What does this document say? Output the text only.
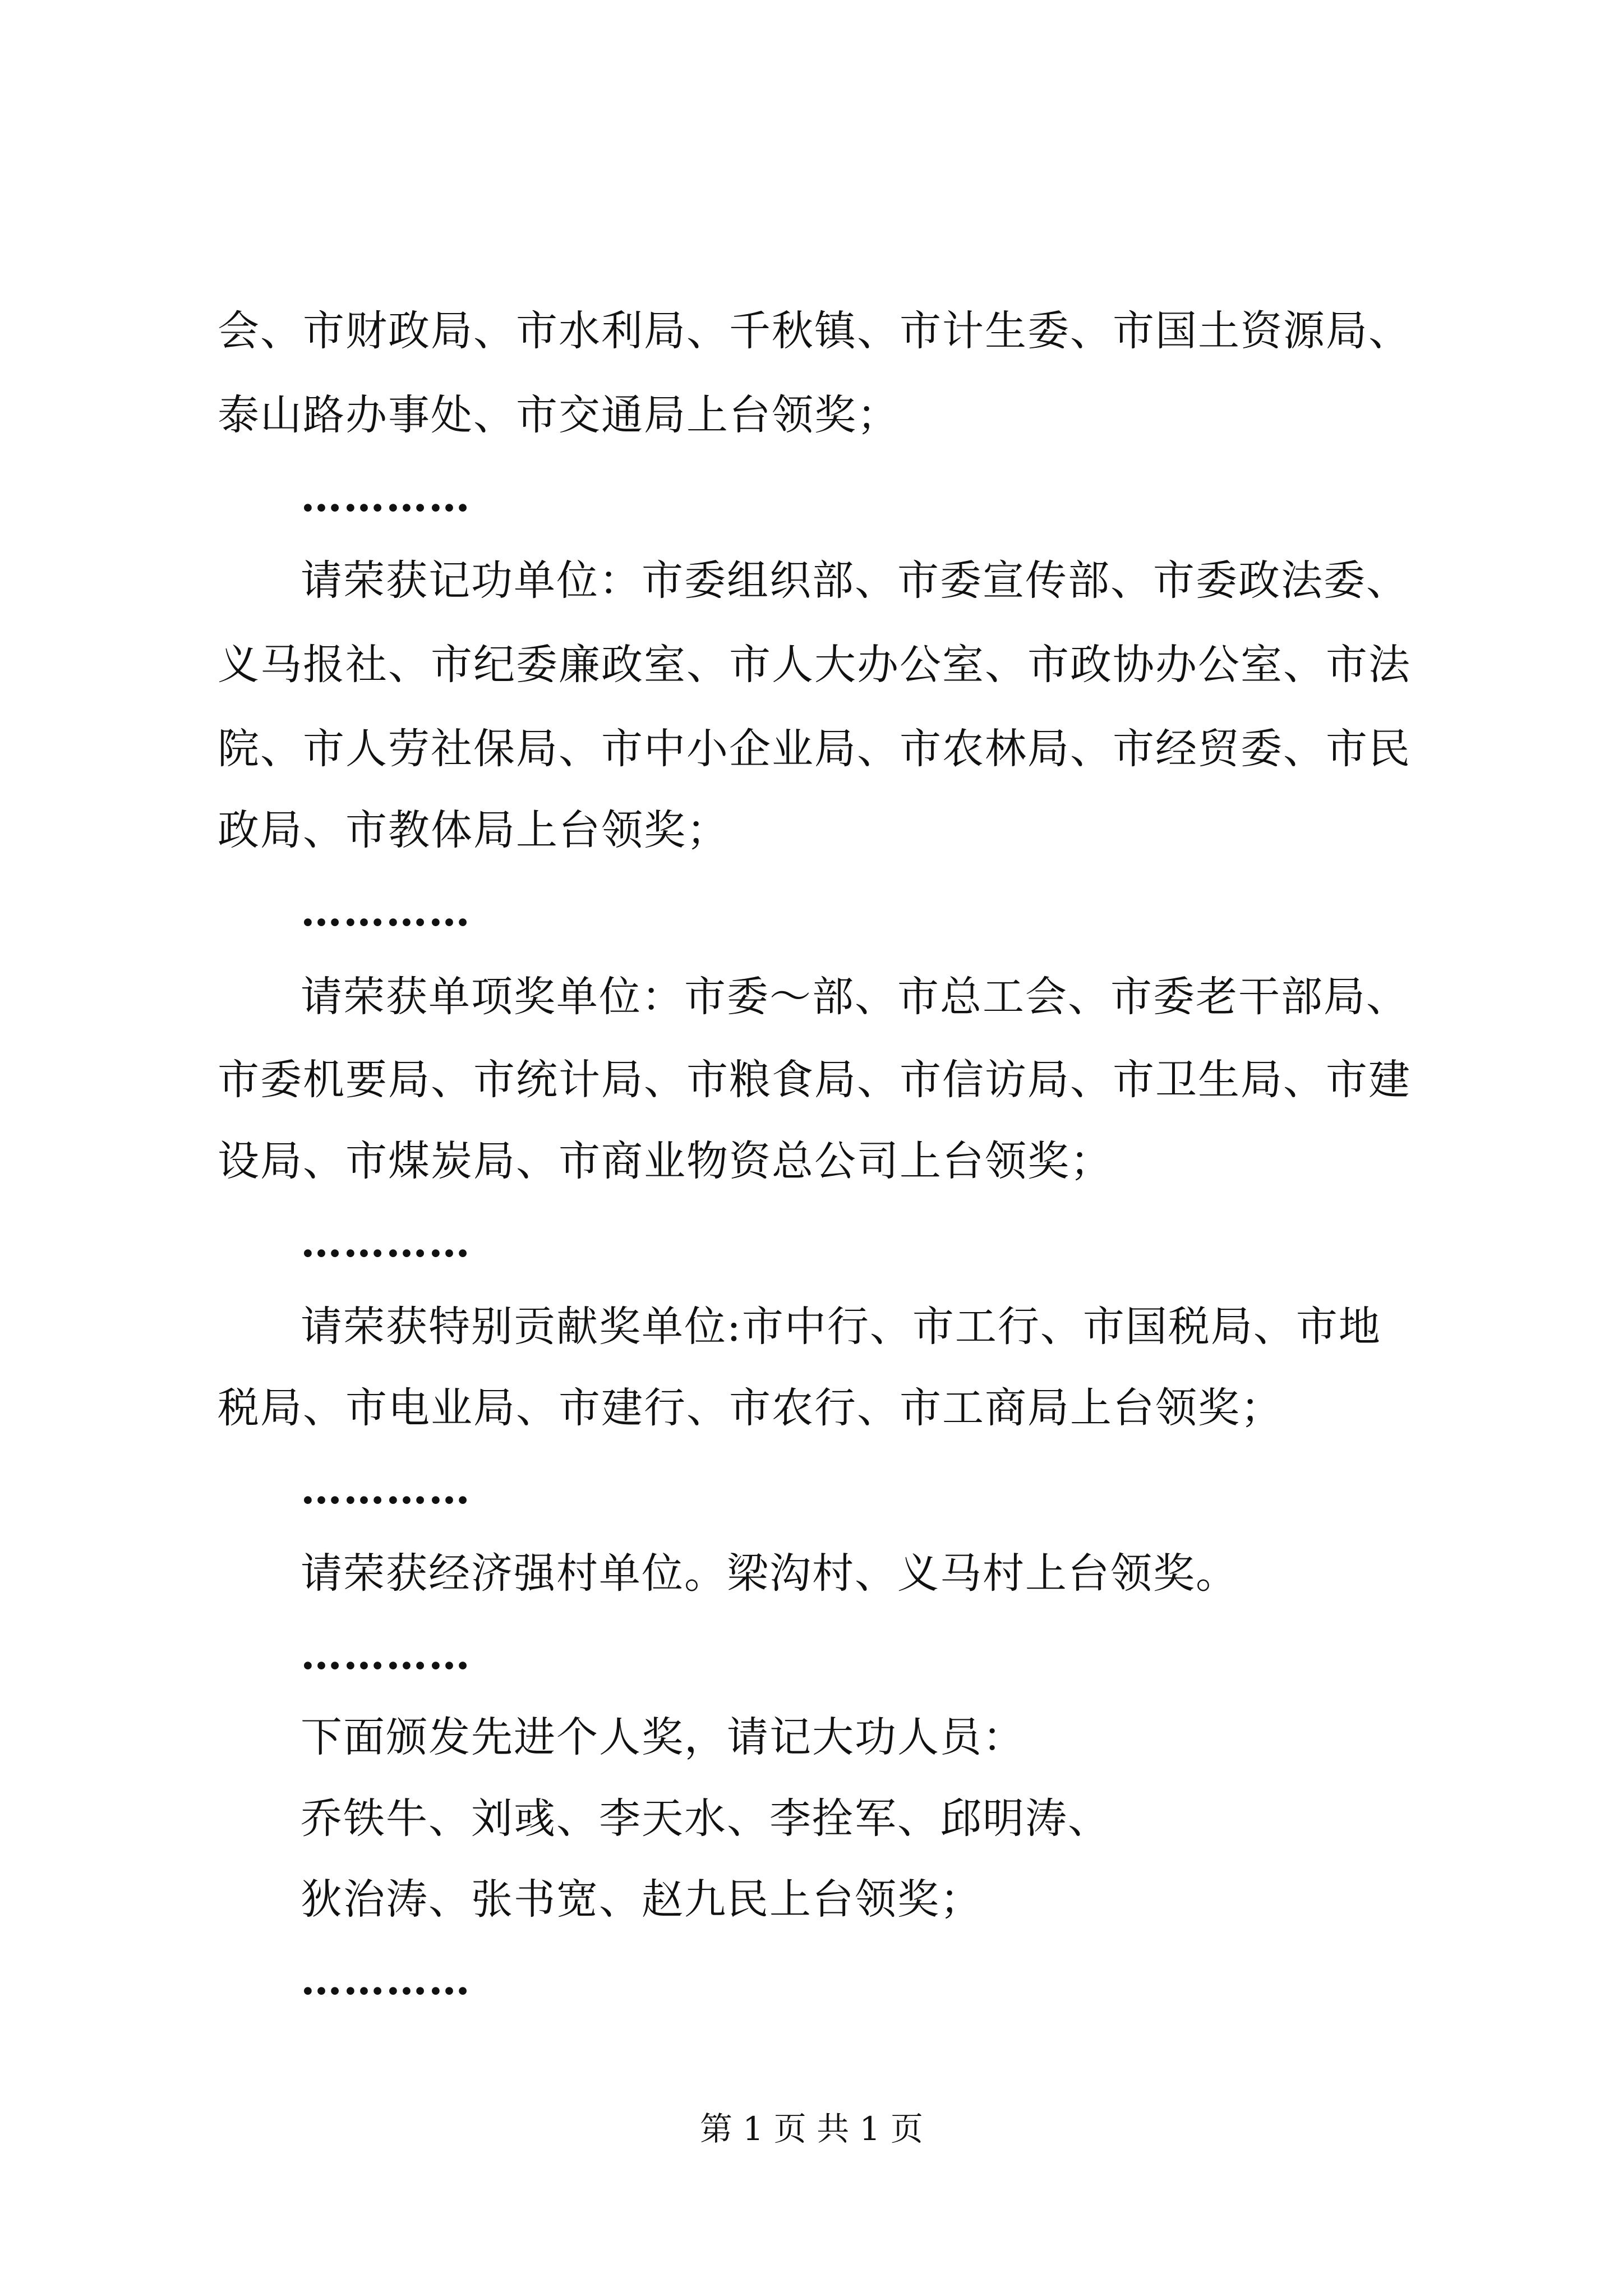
会、市财政局、市水利局、千秋镇、市计生委、市国土资源局、
泰山路办事处、市交通局上台领奖；
…………
请荣获记功单位：市委组织部、市委宣传部、市委政法委、
义马报社、市纪委廉政室、市人大办公室、市政协办公室、市法
院、市人劳社保局、市中小企业局、市农林局、市经贸委、市民
政局、市教体局上台领奖；
…………
请荣获单项奖单位：市委～部、市总工会、市委老干部局、
市委机要局、市统计局、市粮食局、市信访局、市卫生局、市建
设局、市煤炭局、市商业物资总公司上台领奖；
…………
请荣获特别贡献奖单位:市中行、市工行、市国税局、市地
税局、市电业局、市建行、市农行、市工商局上台领奖；
…………
请荣获经济强村单位。梁沟村、义马村上台领奖。
…………
下面颁发先进个人奖，请记大功人员：
乔铁牛、刘彧、李天水、李拴军、邱明涛、
狄治涛、张书宽、赵九民上台领奖；
…………
第 1 页 共 1 页
